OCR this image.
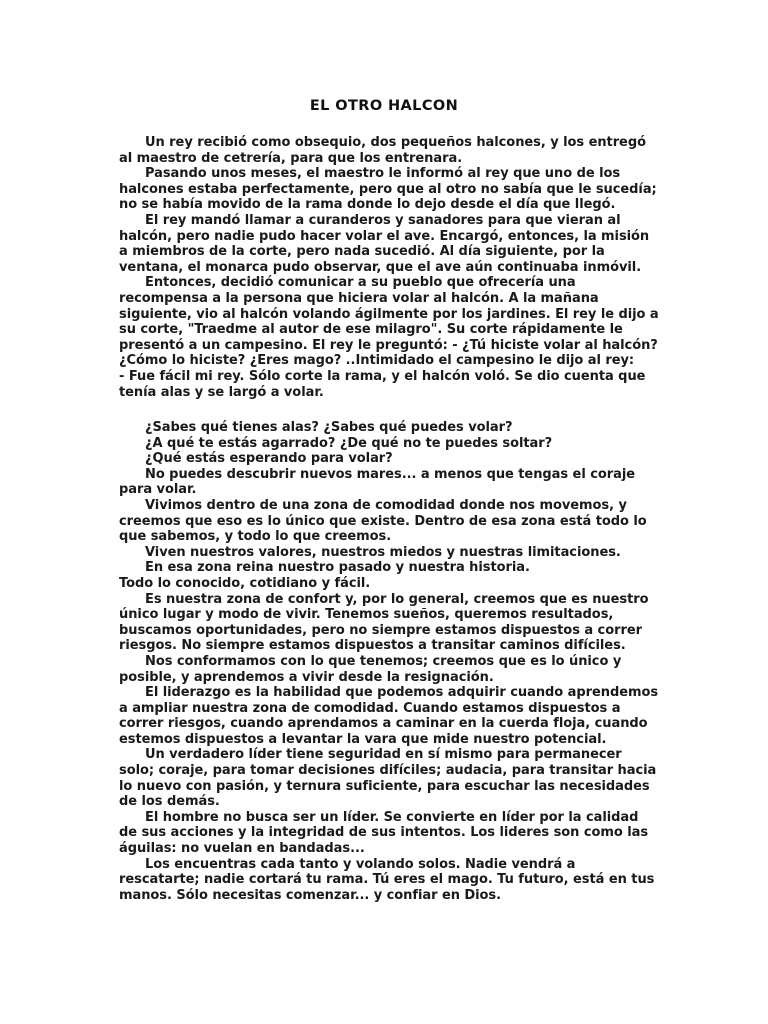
EL OTRO HALCON

Un rey recibió como obsequio, dos pequeños halcones, y los entregó al maestro de cetrería, para que los entrenara.

Pasando unos meses, el maestro le informó al rey que uno de los halcones estaba perfectamente, pero que al otro no sabía que le sucedía; no se había movido de la rama donde lo dejo desde el día que llegó.

El rey mandó llamar a curanderos y sanadores para que vieran al halcón, pero nadie pudo hacer volar el ave. Encargó, entonces, la misión a miembros de la corte, pero nada sucedió. Al día siguiente, por la ventana, el monarca pudo observar, que el ave aún continuaba inmóvil.

Entonces, decidió comunicar a su pueblo que ofrecería una recompensa a la persona que hiciera volar al halcón. A la mañana siguiente, vio al halcón volando ágilmente por los jardines. El rey le dijo a su corte, "Traedme al autor de ese milagro". Su corte rápidamente le presentó a un campesino. El rey le preguntó: - ¿Tú hiciste volar al halcón? ¿Cómo lo hiciste? ¿Eres mago? ..Intimidado el campesino le dijo al rey:

- Fue fácil mi rey. Sólo corte la rama, y el halcón voló. Se dio cuenta que tenía alas y se largó a volar.

¿Sabes qué tienes alas? ¿Sabes qué puedes volar?

¿A qué te estás agarrado? ¿De qué no te puedes soltar?

¿Qué estás esperando para volar?

No puedes descubrir nuevos mares... a menos que tengas el coraje para volar.

Vivimos dentro de una zona de comodidad donde nos movemos, y creemos que eso es lo único que existe. Dentro de esa zona está todo lo que sabemos, y todo lo que creemos.

Viven nuestros valores, nuestros miedos y nuestras limitaciones.

En esa zona reina nuestro pasado y nuestra historia.

Todo lo conocido, cotidiano y fácil.

Es nuestra zona de confort y, por lo general, creemos que es nuestro único lugar y modo de vivir. Tenemos sueños, queremos resultados, buscamos oportunidades, pero no siempre estamos dispuestos a correr riesgos. No siempre estamos dispuestos a transitar caminos difíciles.

Nos conformamos con lo que tenemos; creemos que es lo único y posible, y aprendemos a vivir desde la resignación.

El liderazgo es la habilidad que podemos adquirir cuando aprendemos a ampliar nuestra zona de comodidad. Cuando estamos dispuestos a correr riesgos, cuando aprendamos a caminar en la cuerda floja, cuando estemos dispuestos a levantar la vara que mide nuestro potencial.

Un verdadero líder tiene seguridad en sí mismo para permanecer solo; coraje, para tomar decisiones difíciles; audacia, para transitar hacia lo nuevo con pasión, y ternura suficiente, para escuchar las necesidades de los demás.

El hombre no busca ser un líder. Se convierte en líder por la calidad de sus acciones y la integridad de sus intentos. Los lideres son como las águilas: no vuelan en bandadas...

Los encuentras cada tanto y volando solos. Nadie vendrá a rescatarte; nadie cortará tu rama. Tú eres el mago. Tu futuro, está en tus manos. Sólo necesitas comenzar... y confiar en Dios.
